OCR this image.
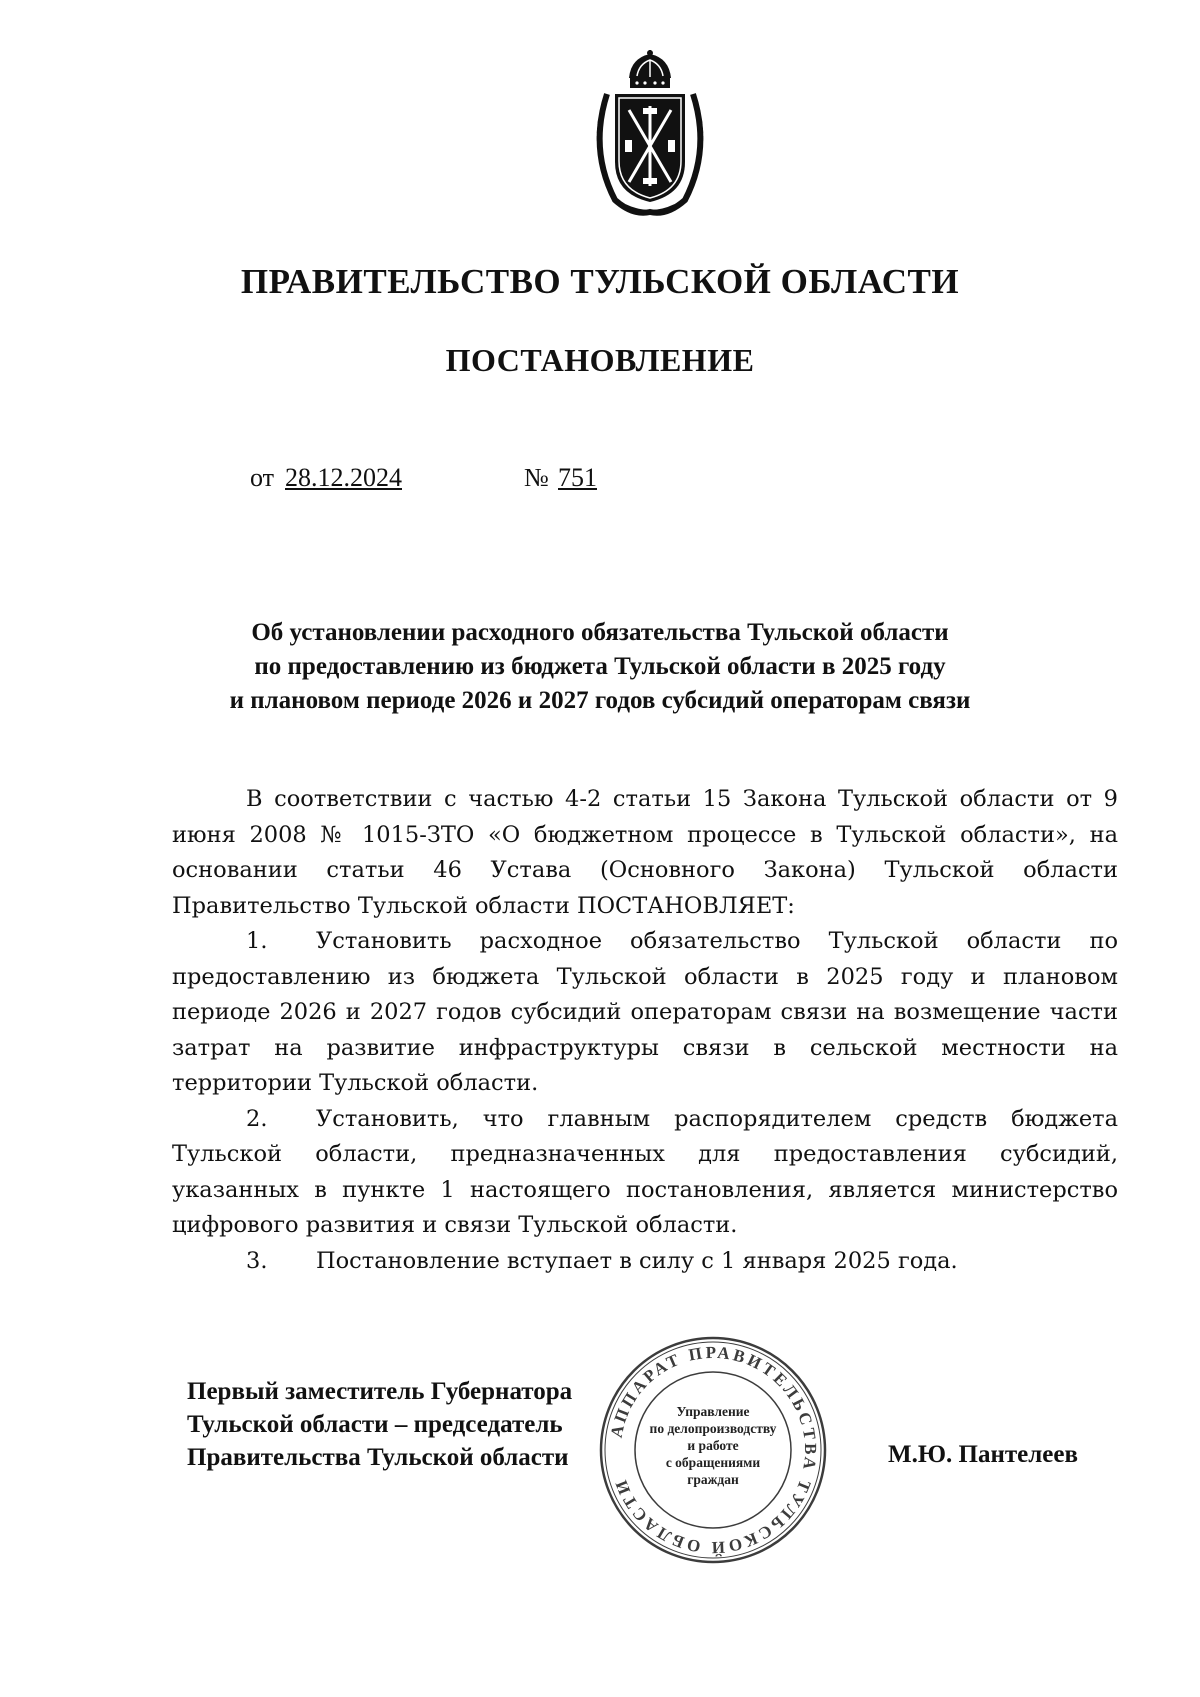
ПРАВИТЕЛЬСТВО ТУЛЬСКОЙ ОБЛАСТИ
ПОСТАНОВЛЕНИЕ
от 28.12.2024	№ 751
Об установлении расходного обязательства Тульской области
по предоставлению из бюджета Тульской области в 2025 году
и плановом периоде 2026 и 2027 годов субсидий операторам связи

В соответствии с частью 4-2 статьи 15 Закона Тульской области от 9 июня 2008 № 1015-ЗТО «О бюджетном процессе в Тульской области», на основании статьи 46 Устава (Основного Закона) Тульской области Правительство Тульской области ПОСТАНОВЛЯЕТ:

1. Установить расходное обязательство Тульской области по предоставлению из бюджета Тульской области в 2025 году и плановом периоде 2026 и 2027 годов субсидий операторам связи на возмещение части затрат на развитие инфраструктуры связи в сельской местности на территории Тульской области.

2. Установить, что главным распорядителем средств бюджета Тульской области, предназначенных для предоставления субсидий, указанных в пункте 1 настоящего постановления, является министерство цифрового развития и связи Тульской области.

3. Постановление вступает в силу с 1 января 2025 года.

АППАРАТ ПРАВИТЕЛЬСТВА ТУЛЬСКОЙ ОБЛАСТИ
Управление
по делопроизводству
и работе
с обращениями
граждан
Первый заместитель Губернатора
Тульской области – председатель
Правительства Тульской области	М.Ю. Пантелеев
